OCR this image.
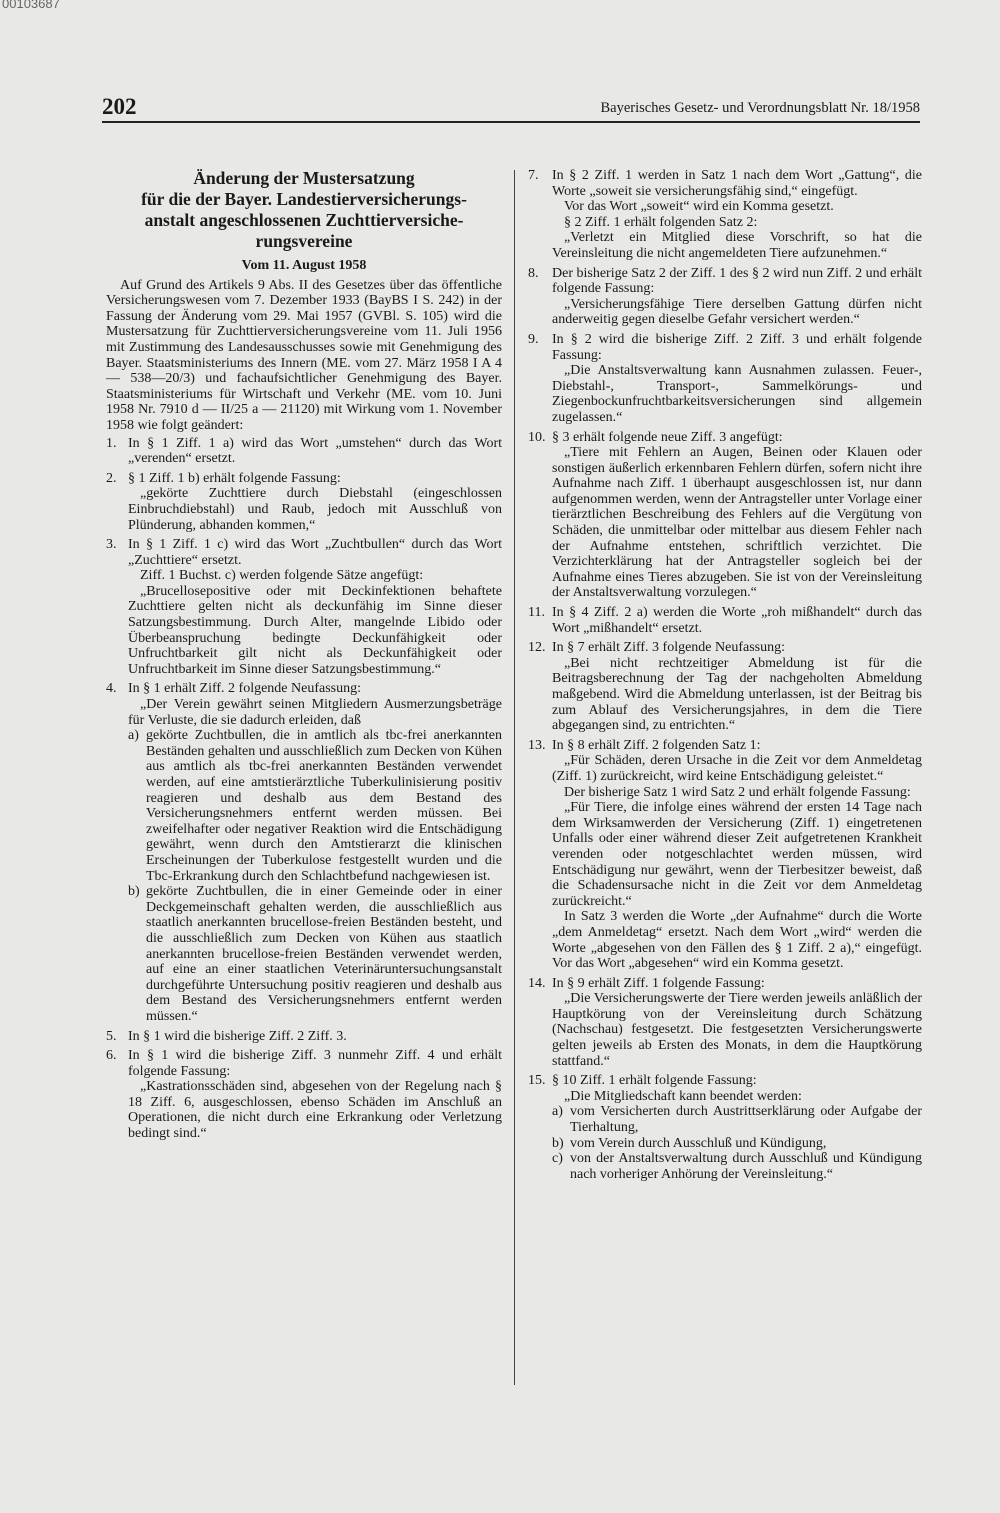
00103687
202	Bayerisches Gesetz- und Verordnungsblatt Nr. 18/1958
Änderung der Mustersatzung
für die der Bayer. Landestierversicherungs-
anstalt angeschlossenen Zuchttierversiche-
rungsvereine
Vom 11. August 1958

Auf Grund des Artikels 9 Abs. II des Gesetzes über das öffentliche Versicherungswesen vom 7. Dezember 1933 (BayBS I S. 242) in der Fassung der Änderung vom 29. Mai 1957 (GVBl. S. 105) wird die Mustersatzung für Zuchttierversicherungsvereine vom 11. Juli 1956 mit Zustimmung des Landesausschusses sowie mit Genehmigung des Bayer. Staatsministeriums des Innern (ME. vom 27. März 1958 I A 4 — 538—20/3) und fachaufsichtlicher Genehmigung des Bayer. Staatsministeriums für Wirtschaft und Verkehr (ME. vom 10. Juni 1958 Nr. 7910 d — II/25 a — 21120) mit Wirkung vom 1. November 1958 wie folgt geändert:

1. In § 1 Ziff. 1 a) wird das Wort „umstehen“ durch das Wort „verenden“ ersetzt.

2. § 1 Ziff. 1 b) erhält folgende Fassung:

„gekörte Zuchttiere durch Diebstahl (eingeschlossen Einbruchdiebstahl) und Raub, jedoch mit Ausschluß von Plünderung, abhanden kommen,“

3. In § 1 Ziff. 1 c) wird das Wort „Zuchtbullen“ durch das Wort „Zuchttiere“ ersetzt.

Ziff. 1 Buchst. c) werden folgende Sätze angefügt:

„Brucellosepositive oder mit Deckinfektionen behaftete Zuchttiere gelten nicht als deckunfähig im Sinne dieser Satzungsbestimmung. Durch Alter, mangelnde Libido oder Überbeanspruchung bedingte Deckunfähigkeit oder Unfruchtbarkeit gilt nicht als Deckunfähigkeit oder Unfruchtbarkeit im Sinne dieser Satzungsbestimmung.“

4. In § 1 erhält Ziff. 2 folgende Neufassung:

„Der Verein gewährt seinen Mitgliedern Ausmerzungsbeträge für Verluste, die sie dadurch erleiden, daß

a) gekörte Zuchtbullen, die in amtlich als tbc-frei anerkannten Beständen gehalten und ausschließlich zum Decken von Kühen aus amtlich als tbc-frei anerkannten Beständen verwendet werden, auf eine amtstierärztliche Tuberkulinisierung positiv reagieren und deshalb aus dem Bestand des Versicherungsnehmers entfernt werden müssen. Bei zweifelhafter oder negativer Reaktion wird die Entschädigung gewährt, wenn durch den Amtstierarzt die klinischen Erscheinungen der Tuberkulose festgestellt wurden und die Tbc-Erkrankung durch den Schlachtbefund nachgewiesen ist.
b) gekörte Zuchtbullen, die in einer Gemeinde oder in einer Deckgemeinschaft gehalten werden, die ausschließlich aus staatlich anerkannten brucellose-freien Beständen besteht, und die ausschließlich zum Decken von Kühen aus staatlich anerkannten brucellose-freien Beständen verwendet werden, auf eine an einer staatlichen Veterinäruntersuchungsanstalt durchgeführte Untersuchung positiv reagieren und deshalb aus dem Bestand des Versicherungsnehmers entfernt werden müssen.“
5. In § 1 wird die bisherige Ziff. 2 Ziff. 3.

6. In § 1 wird die bisherige Ziff. 3 nunmehr Ziff. 4 und erhält folgende Fassung:

„Kastrationsschäden sind, abgesehen von der Regelung nach § 18 Ziff. 6, ausgeschlossen, ebenso Schäden im Anschluß an Operationen, die nicht durch eine Erkrankung oder Verletzung bedingt sind.“

7. In § 2 Ziff. 1 werden in Satz 1 nach dem Wort „Gattung“, die Worte „soweit sie versicherungsfähig sind,“ eingefügt.

Vor das Wort „soweit“ wird ein Komma gesetzt.

§ 2 Ziff. 1 erhält folgenden Satz 2:

„Verletzt ein Mitglied diese Vorschrift, so hat die Vereinsleitung die nicht angemeldeten Tiere aufzunehmen.“

8. Der bisherige Satz 2 der Ziff. 1 des § 2 wird nun Ziff. 2 und erhält folgende Fassung:

„Versicherungsfähige Tiere derselben Gattung dürfen nicht anderweitig gegen dieselbe Gefahr versichert werden.“

9. In § 2 wird die bisherige Ziff. 2 Ziff. 3 und erhält folgende Fassung:

„Die Anstaltsverwaltung kann Ausnahmen zulassen. Feuer-, Diebstahl-, Transport-, Sammelkörungs- und Ziegenbockunfruchtbarkeitsversicherungen sind allgemein zugelassen.“

10. § 3 erhält folgende neue Ziff. 3 angefügt:

„Tiere mit Fehlern an Augen, Beinen oder Klauen oder sonstigen äußerlich erkennbaren Fehlern dürfen, sofern nicht ihre Aufnahme nach Ziff. 1 überhaupt ausgeschlossen ist, nur dann aufgenommen werden, wenn der Antragsteller unter Vorlage einer tierärztlichen Beschreibung des Fehlers auf die Vergütung von Schäden, die unmittelbar oder mittelbar aus diesem Fehler nach der Aufnahme entstehen, schriftlich verzichtet. Die Verzichterklärung hat der Antragsteller sogleich bei der Aufnahme eines Tieres abzugeben. Sie ist von der Vereinsleitung der Anstaltsverwaltung vorzulegen.“

11. In § 4 Ziff. 2 a) werden die Worte „roh mißhandelt“ durch das Wort „mißhandelt“ ersetzt.

12. In § 7 erhält Ziff. 3 folgende Neufassung:

„Bei nicht rechtzeitiger Abmeldung ist für die Beitragsberechnung der Tag der nachgeholten Abmeldung maßgebend. Wird die Abmeldung unterlassen, ist der Beitrag bis zum Ablauf des Versicherungsjahres, in dem die Tiere abgegangen sind, zu entrichten.“

13. In § 8 erhält Ziff. 2 folgenden Satz 1:

„Für Schäden, deren Ursache in die Zeit vor dem Anmeldetag (Ziff. 1) zurückreicht, wird keine Entschädigung geleistet.“

Der bisherige Satz 1 wird Satz 2 und erhält folgende Fassung:

„Für Tiere, die infolge eines während der ersten 14 Tage nach dem Wirksamwerden der Versicherung (Ziff. 1) eingetretenen Unfalls oder einer während dieser Zeit aufgetretenen Krankheit verenden oder notgeschlachtet werden müssen, wird Entschädigung nur gewährt, wenn der Tierbesitzer beweist, daß die Schadensursache nicht in die Zeit vor dem Anmeldetag zurückreicht.“

In Satz 3 werden die Worte „der Aufnahme“ durch die Worte „dem Anmeldetag“ ersetzt. Nach dem Wort „wird“ werden die Worte „abgesehen von den Fällen des § 1 Ziff. 2 a),“ eingefügt. Vor das Wort „abgesehen“ wird ein Komma gesetzt.

14. In § 9 erhält Ziff. 1 folgende Fassung:

„Die Versicherungswerte der Tiere werden jeweils anläßlich der Hauptkörung von der Vereinsleitung durch Schätzung (Nachschau) festgesetzt. Die festgesetzten Versicherungswerte gelten jeweils ab Ersten des Monats, in dem die Hauptkörung stattfand.“

15. § 10 Ziff. 1 erhält folgende Fassung:

„Die Mitgliedschaft kann beendet werden:

a) vom Versicherten durch Austrittserklärung oder Aufgabe der Tierhaltung,
b) vom Verein durch Ausschluß und Kündigung,
c) von der Anstaltsverwaltung durch Ausschluß und Kündigung nach vorheriger Anhörung der Vereinsleitung.“
